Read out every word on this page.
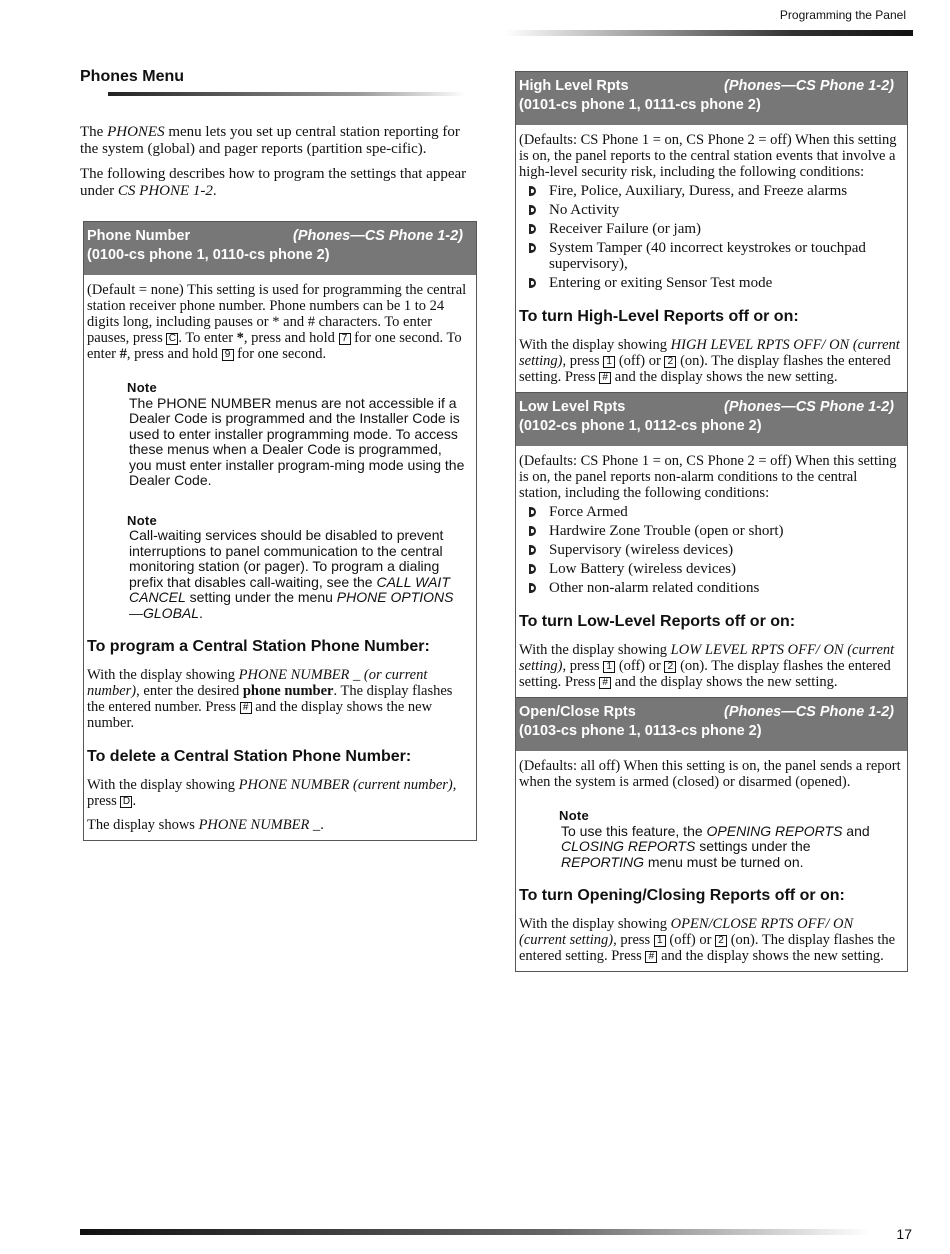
Programming the Panel
Phones Menu

The PHONES menu lets you set up central station reporting for the system (global) and pager reports (partition spe-cific).

The following describes how to program the settings that appear under CS PHONE 1-2.

Phone Number	(Phones—CS Phone 1-2)
(0100-cs phone 1, 0110-cs phone 2)

(Default = none) This setting is used for programming the central station receiver phone number. Phone numbers can be 1 to 24 digits long, including pauses or * and # characters. To enter pauses, press C . To enter *, press and hold 7 for one second. To enter #, press and hold 9 for one second.

Note
The PHONE NUMBER menus are not accessible if a Dealer Code is programmed and the Installer Code is used to enter installer programming mode. To access these menus when a Dealer Code is programmed, you must enter installer program-ming mode using the Dealer Code.
Note
Call-waiting services should be disabled to prevent interruptions to panel communication to the central monitoring station (or pager). To program a dialing prefix that disables call-waiting, see the CALL WAIT CANCEL setting under the menu PHONE OPTIONS—GLOBAL.
To program a Central Station Phone Number:

With the display showing PHONE NUMBER _ (or current number), enter the desired phone number. The display flashes the entered number. Press # and the display shows the new number.

To delete a Central Station Phone Number:

With the display showing PHONE NUMBER (current number), press D .

The display shows PHONE NUMBER _.

High Level Rpts	(Phones—CS Phone 1-2)
(0101-cs phone 1, 0111-cs phone 2)

(Defaults: CS Phone 1 = on, CS Phone 2 = off) When this setting is on, the panel reports to the central station events that involve a high-level security risk, including the following conditions:

Fire, Police, Auxiliary, Duress, and Freeze alarms
No Activity
Receiver Failure (or jam)
System Tamper (40 incorrect keystrokes or touchpad supervisory),
Entering or exiting Sensor Test mode
To turn High-Level Reports off or on:

With the display showing HIGH LEVEL RPTS OFF/ ON (current setting), press 1 (off) or 2 (on). The display flashes the entered setting. Press # and the display shows the new setting.

Low Level Rpts	(Phones—CS Phone 1-2)
(0102-cs phone 1, 0112-cs phone 2)

(Defaults: CS Phone 1 = on, CS Phone 2 = off) When this setting is on, the panel reports non-alarm conditions to the central station, including the following conditions:

Force Armed
Hardwire Zone Trouble (open or short)
Supervisory (wireless devices)
Low Battery (wireless devices)
Other non-alarm related conditions
To turn Low-Level Reports off or on:

With the display showing LOW LEVEL RPTS OFF/ ON (current setting), press 1 (off) or 2 (on). The display flashes the entered setting. Press # and the display shows the new setting.

Open/Close Rpts	(Phones—CS Phone 1-2)
(0103-cs phone 1, 0113-cs phone 2)

(Defaults: all off) When this setting is on, the panel sends a report when the system is armed (closed) or disarmed (opened).

Note
To use this feature, the OPENING REPORTS and CLOSING REPORTS settings under the REPORTING menu must be turned on.
To turn Opening/Closing Reports off or on:

With the display showing OPEN/CLOSE RPTS OFF/ ON (current setting), press 1 (off) or 2 (on). The display flashes the entered setting. Press # and the display shows the new setting.

17
